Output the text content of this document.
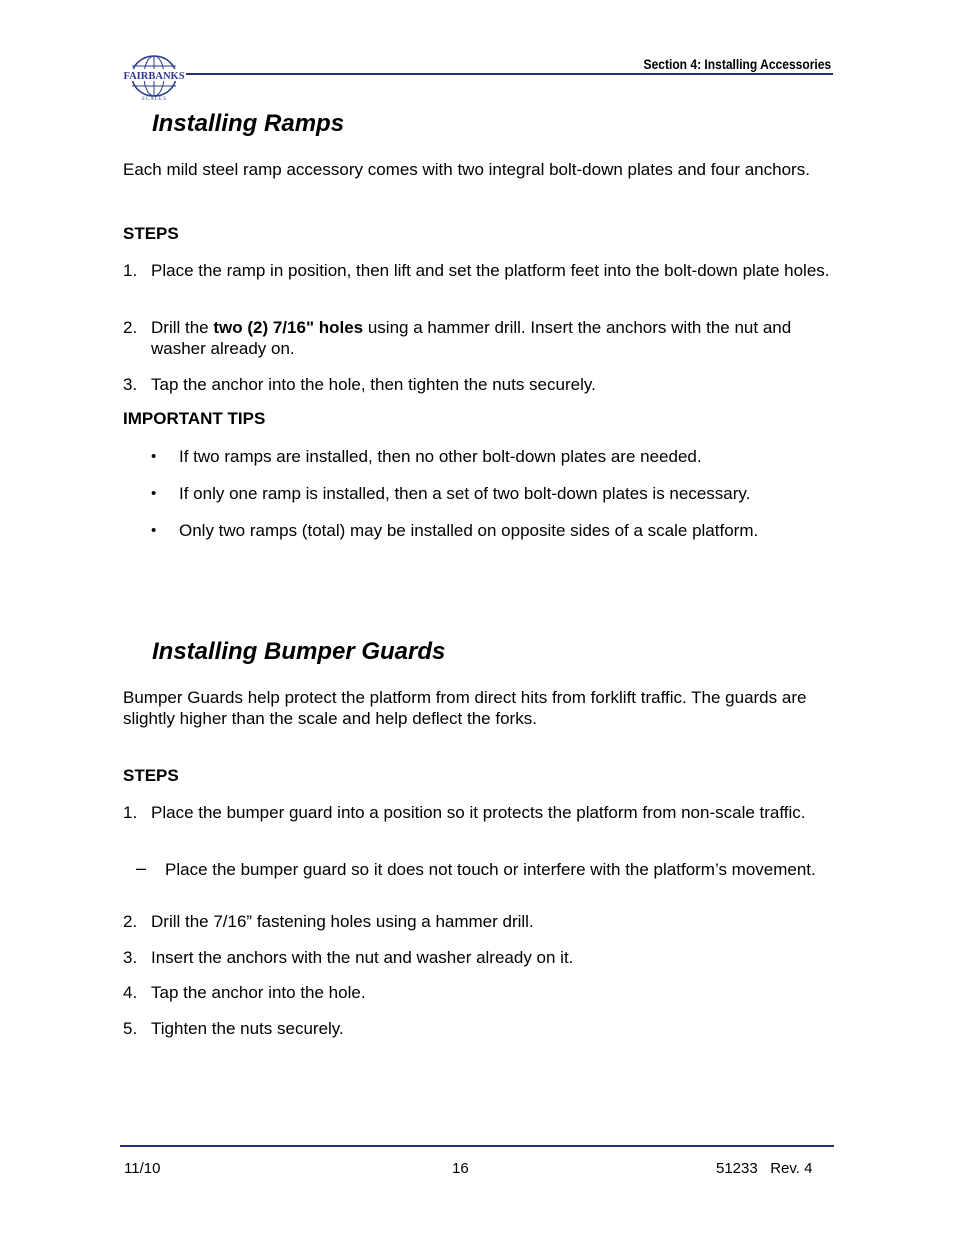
FAIRBANKS
S C A L E S
Section 4: Installing Accessories
Installing Ramps
Each mild steel ramp accessory comes with two integral bolt-down plates and four anchors.
STEPS
1. Place the ramp in position, then lift and set the platform feet into the bolt-down plate holes.
2. Drill the two (2) 7/16" holes using a hammer drill. Insert the anchors with the nut and washer already on.
3. Tap the anchor into the hole, then tighten the nuts securely.
IMPORTANT TIPS
• If two ramps are installed, then no other bolt-down plates are needed.
• If only one ramp is installed, then a set of two bolt-down plates is necessary.
• Only two ramps (total) may be installed on opposite sides of a scale platform.
Installing Bumper Guards
Bumper Guards help protect the platform from direct hits from forklift traffic. The guards are slightly higher than the scale and help deflect the forks.
STEPS
1. Place the bumper guard into a position so it protects the platform from non-scale traffic.
– Place the bumper guard so it does not touch or interfere with the platform’s movement.
2. Drill the 7/16” fastening holes using a hammer drill.
3. Insert the anchors with the nut and washer already on it.
4. Tap the anchor into the hole.
5. Tighten the nuts securely.
11/10	16	51233   Rev. 4
